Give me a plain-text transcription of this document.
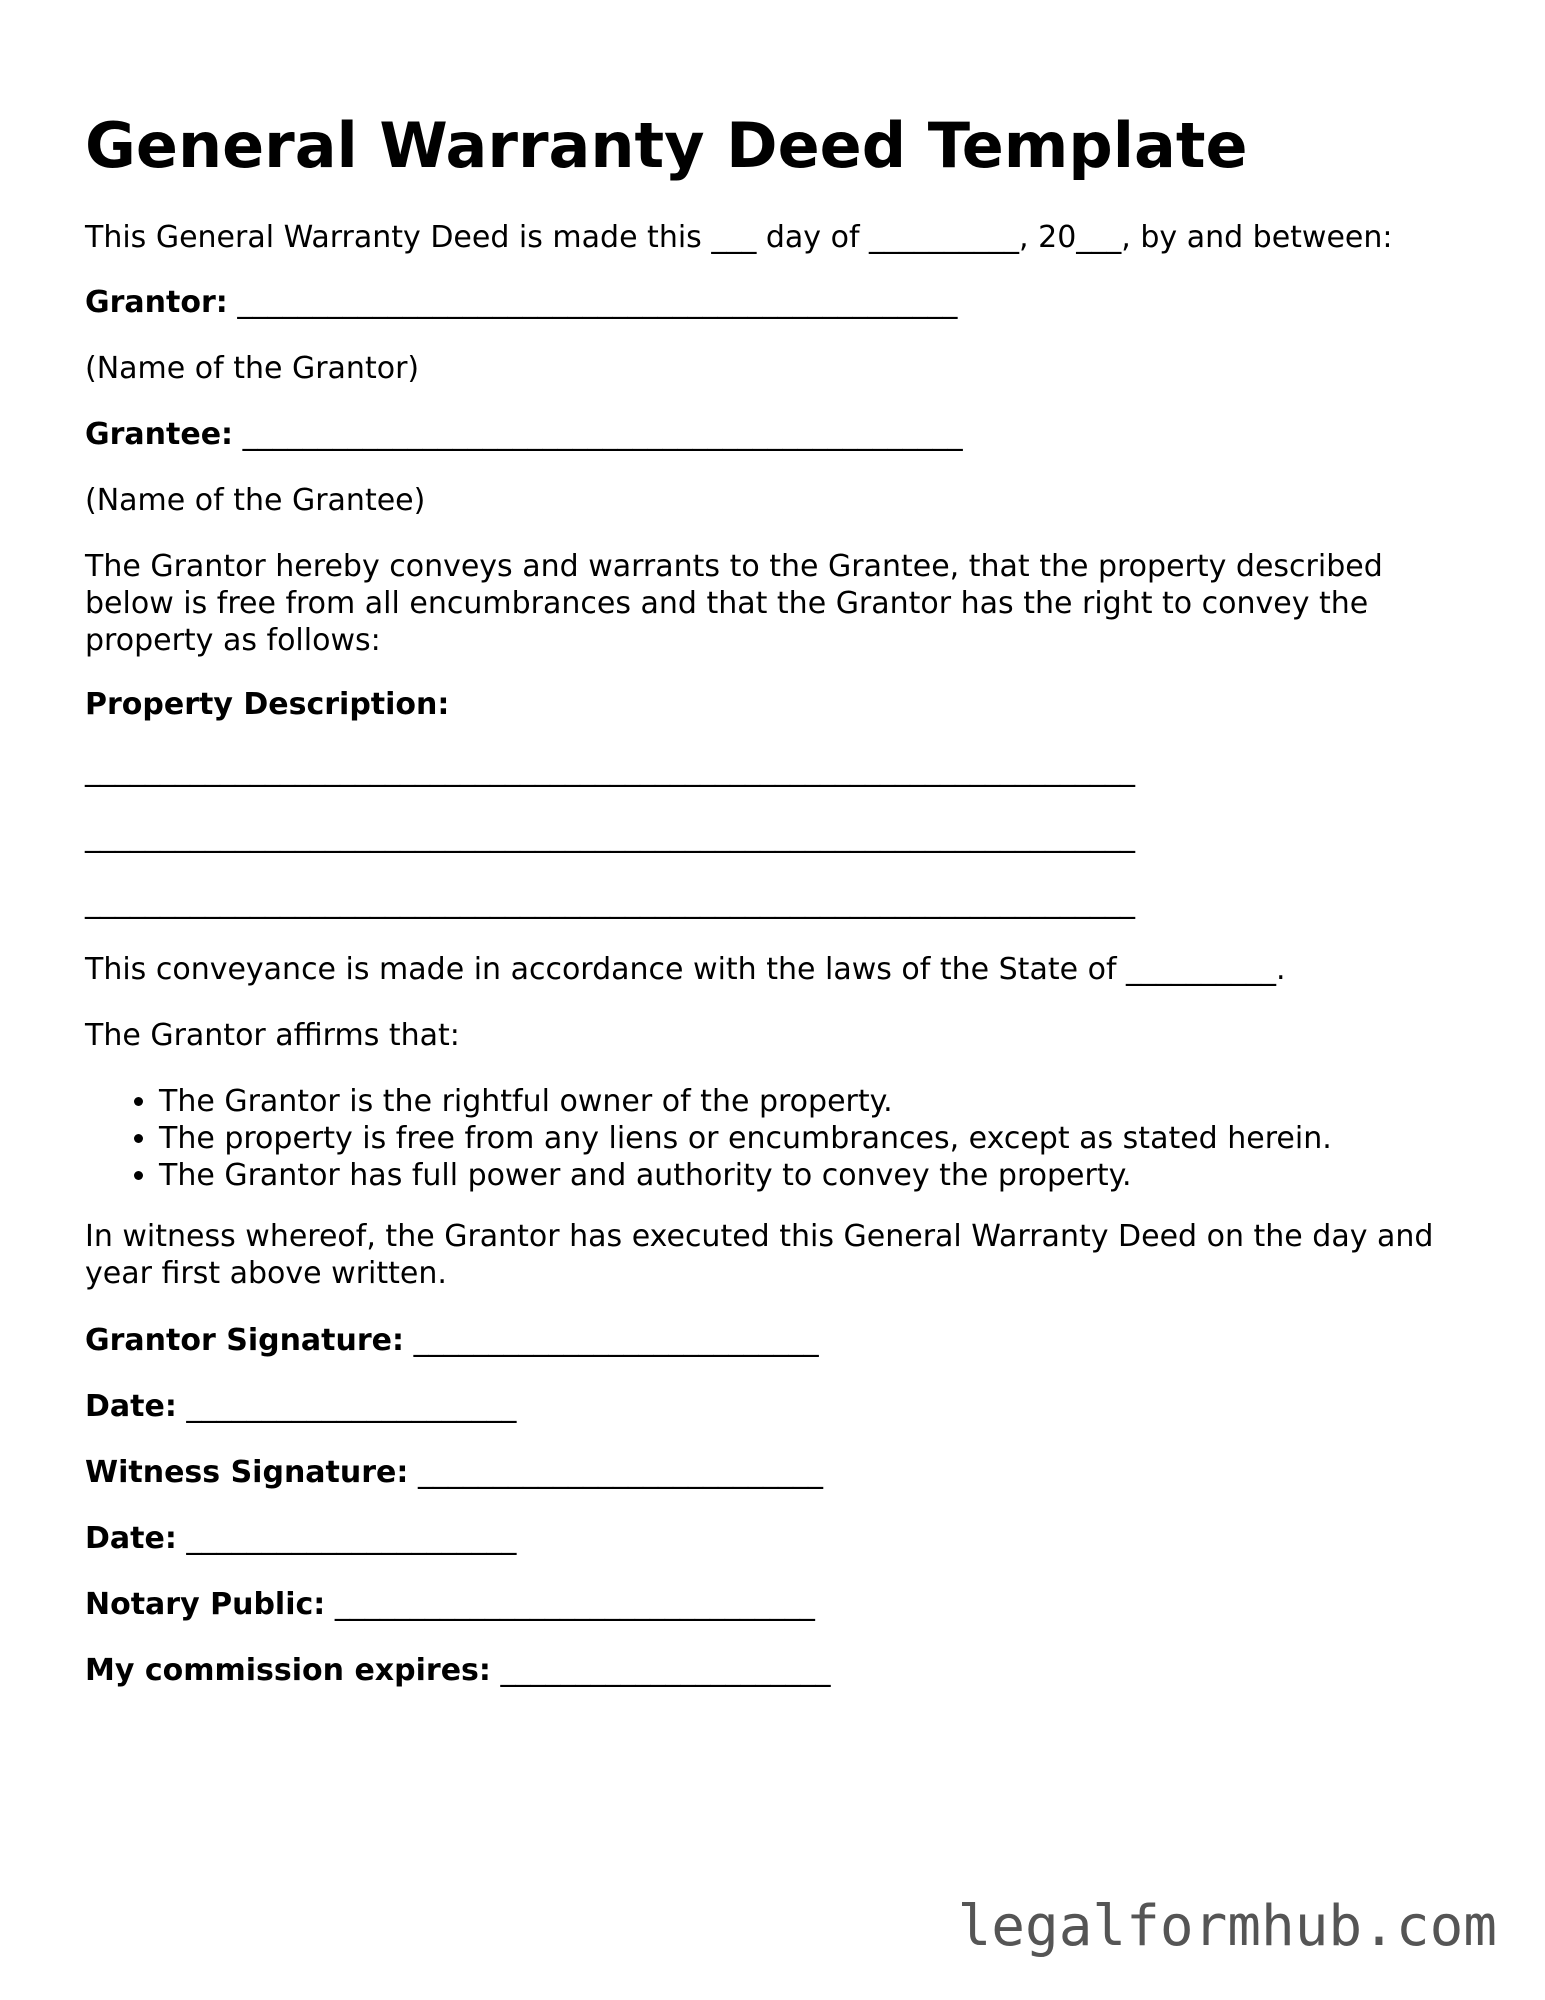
General Warranty Deed Template
This General Warranty Deed is made this ___ day of __________, 20___, by and between:
Grantor: ________________________________________________
(Name of the Grantor)
Grantee: ________________________________________________
(Name of the Grantee)
The Grantor hereby conveys and warrants to the Grantee, that the property described below is free from all encumbrances and that the Grantor has the right to convey the property as follows:
Property Description:
______________________________________________________________________
______________________________________________________________________
______________________________________________________________________
This conveyance is made in accordance with the laws of the State of __________.
The Grantor affirms that:
• The Grantor is the rightful owner of the property.
• The property is free from any liens or encumbrances, except as stated herein.
• The Grantor has full power and authority to convey the property.
In witness whereof, the Grantor has executed this General Warranty Deed on the day and year first above written.
Grantor Signature: ___________________________
Date: ______________________
Witness Signature: ___________________________
Date: ______________________
Notary Public: ________________________________
My commission expires: ______________________
legalformhub.com
